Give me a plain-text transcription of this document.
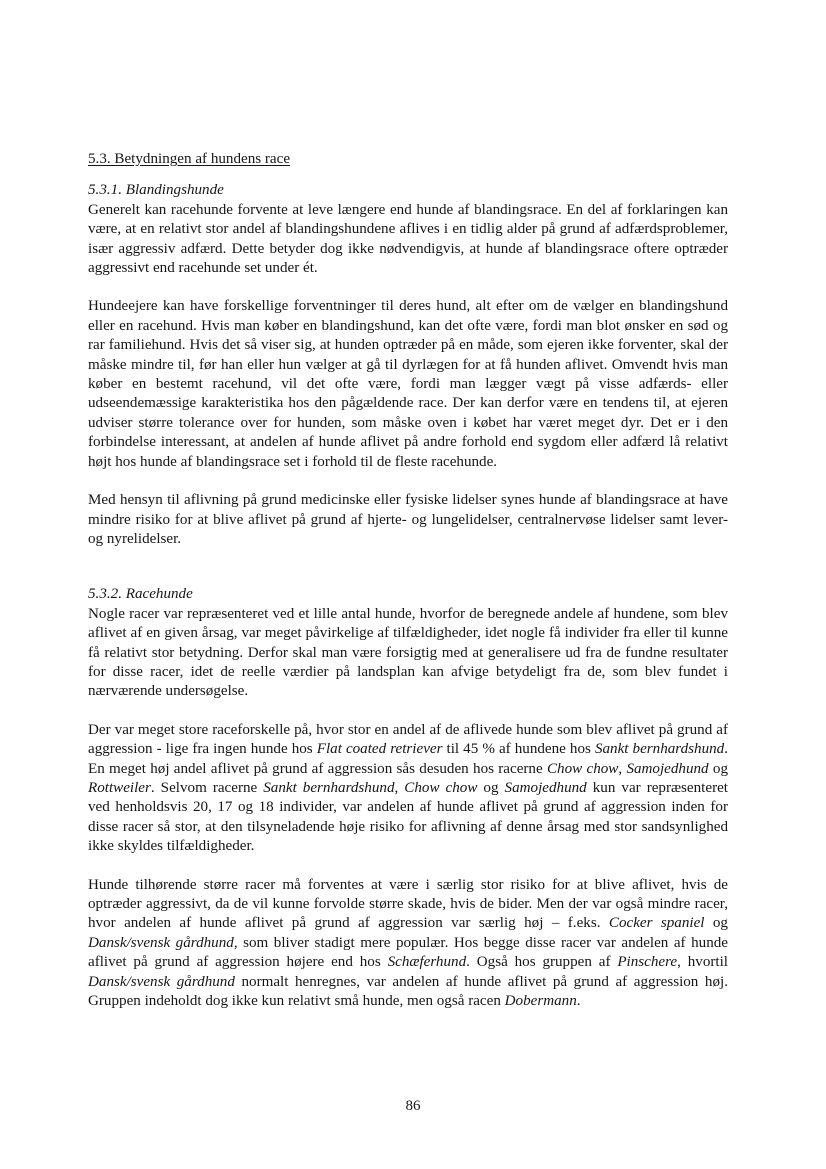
5.3. Betydningen af hundens race
5.3.1. Blandingshunde

Generelt kan racehunde forvente at leve længere end hunde af blandingsrace. En del af forklaringen kan være, at en relativt stor andel af blandingshundene aflives i en tidlig alder på grund af adfærdsproblemer, især aggressiv adfærd. Dette betyder dog ikke nødvendigvis, at hunde af blandingsrace oftere optræder aggressivt end racehunde set under ét.

Hundeejere kan have forskellige forventninger til deres hund, alt efter om de vælger en blandingshund eller en racehund. Hvis man køber en blandingshund, kan det ofte være, fordi man blot ønsker en sød og rar familiehund. Hvis det så viser sig, at hunden optræder på en måde, som ejeren ikke forventer, skal der måske mindre til, før han eller hun vælger at gå til dyrlægen for at få hunden aflivet. Omvendt hvis man køber en bestemt racehund, vil det ofte være, fordi man lægger vægt på visse adfærds- eller udseendemæssige karakteristika hos den pågældende race. Der kan derfor være en tendens til, at ejeren udviser større tolerance over for hunden, som måske oven i købet har været meget dyr. Det er i den forbindelse interessant, at andelen af hunde aflivet på andre forhold end sygdom eller adfærd lå relativt højt hos hunde af blandingsrace set i forhold til de fleste racehunde.

Med hensyn til aflivning på grund medicinske eller fysiske lidelser synes hunde af blandingsrace at have mindre risiko for at blive aflivet på grund af hjerte- og lungelidelser, centralnervøse lidelser samt lever- og nyrelidelser.

5.3.2. Racehunde

Nogle racer var repræsenteret ved et lille antal hunde, hvorfor de beregnede andele af hundene, som blev aflivet af en given årsag, var meget påvirkelige af tilfældigheder, idet nogle få individer fra eller til kunne få relativt stor betydning. Derfor skal man være forsigtig med at generalisere ud fra de fundne resultater for disse racer, idet de reelle værdier på landsplan kan afvige betydeligt fra de, som blev fundet i nærværende undersøgelse.

Der var meget store raceforskelle på, hvor stor en andel af de aflivede hunde som blev aflivet på grund af aggression - lige fra ingen hunde hos Flat coated retriever til 45 % af hundene hos Sankt bernhardshund. En meget høj andel aflivet på grund af aggression sås desuden hos racerne Chow chow, Samojedhund og Rottweiler. Selvom racerne Sankt bernhardshund, Chow chow og Samojedhund kun var repræsenteret ved henholdsvis 20, 17 og 18 individer, var andelen af hunde aflivet på grund af aggression inden for disse racer så stor, at den tilsyneladende høje risiko for aflivning af denne årsag med stor sandsynlighed ikke skyldes tilfældigheder.

Hunde tilhørende større racer må forventes at være i særlig stor risiko for at blive aflivet, hvis de optræder aggressivt, da de vil kunne forvolde større skade, hvis de bider. Men der var også mindre racer, hvor andelen af hunde aflivet på grund af aggression var særlig høj – f.eks. Cocker spaniel og Dansk/svensk gårdhund, som bliver stadigt mere populær. Hos begge disse racer var andelen af hunde aflivet på grund af aggression højere end hos Schæferhund. Også hos gruppen af Pinschere, hvortil Dansk/svensk gårdhund normalt henregnes, var andelen af hunde aflivet på grund af aggression høj. Gruppen indeholdt dog ikke kun relativt små hunde, men også racen Dobermann.

86
